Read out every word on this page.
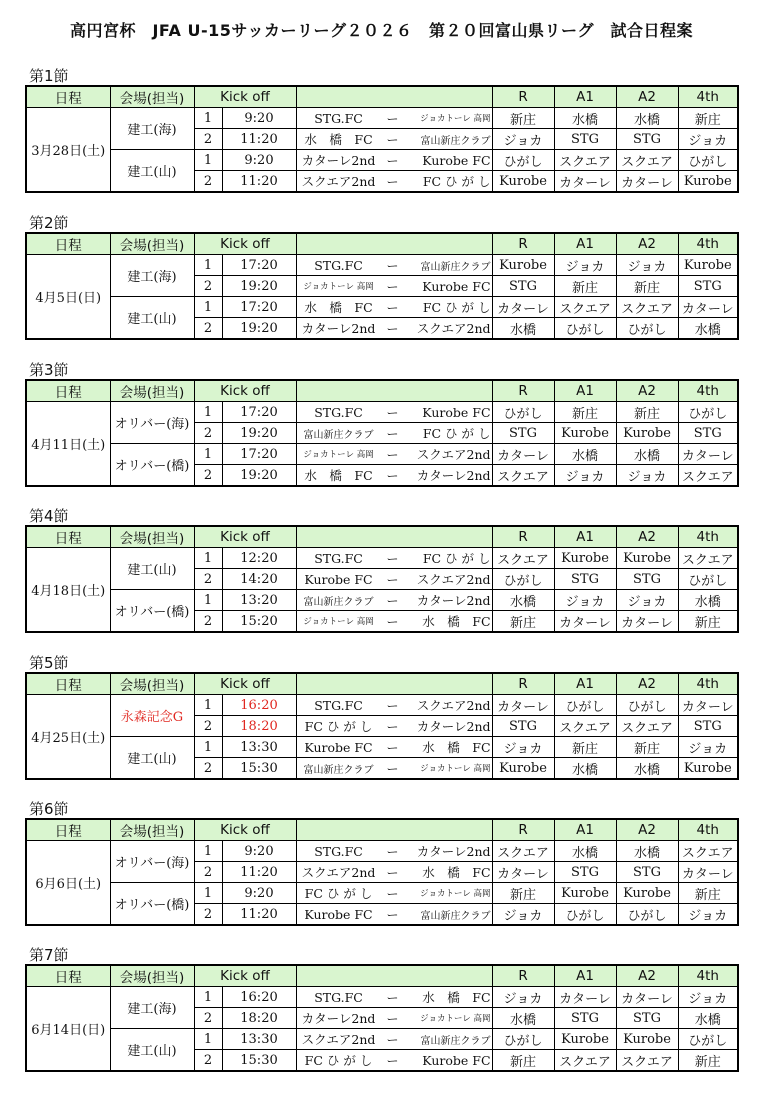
高円宮杯　JFA U-15サッカーリーグ２０２６　第２０回富山県リーグ　試合日程案
第1節
日程	会場(担当)	Kick off			R	A1	A2	4th
3月28日(土)	建工(海)	1	9:20	STG.FC ー ジョカトーレ 高岡	新庄	水橋	水橋	新庄
		2	11:20	水　橋　FC ー 富山新庄クラブ	ジョカ	STG	STG	ジョカ
	建工(山)	1	9:20	カターレ2nd ー Kurobe FC	ひがし	スクエア	スクエア	ひがし
		2	11:20	スクエア2nd ー FC ひ が し	Kurobe	カターレ	カターレ	Kurobe
第2節
日程	会場(担当)	Kick off			R	A1	A2	4th
4月5日(日)	建工(海)	1	17:20	STG.FC ー 富山新庄クラブ	Kurobe	ジョカ	ジョカ	Kurobe
		2	19:20	ジョカトーレ 高岡 ー Kurobe FC	STG	新庄	新庄	STG
	建工(山)	1	17:20	水　橋　FC ー FC ひ が し	カターレ	スクエア	スクエア	カターレ
		2	19:20	カターレ2nd ー スクエア2nd	水橋	ひがし	ひがし	水橋
第3節
日程	会場(担当)	Kick off			R	A1	A2	4th
4月11日(土)	オリバー(海)	1	17:20	STG.FC ー Kurobe FC	ひがし	新庄	新庄	ひがし
		2	19:20	富山新庄クラブ ー FC ひ が し	STG	Kurobe	Kurobe	STG
	オリバー(橋)	1	17:20	ジョカトーレ 高岡 ー スクエア2nd	カターレ	水橋	水橋	カターレ
		2	19:20	水　橋　FC ー カターレ2nd	スクエア	ジョカ	ジョカ	スクエア
第4節
日程	会場(担当)	Kick off			R	A1	A2	4th
4月18日(土)	建工(山)	1	12:20	STG.FC ー FC ひ が し	スクエア	Kurobe	Kurobe	スクエア
		2	14:20	Kurobe FC ー スクエア2nd	ひがし	STG	STG	ひがし
	オリバー(橋)	1	13:20	富山新庄クラブ ー カターレ2nd	水橋	ジョカ	ジョカ	水橋
		2	15:20	ジョカトーレ 高岡 ー 水　橋　FC	新庄	カターレ	カターレ	新庄
第5節
日程	会場(担当)	Kick off			R	A1	A2	4th
4月25日(土)	永森記念G	1	16:20	STG.FC ー スクエア2nd	カターレ	ひがし	ひがし	カターレ
		2	18:20	FC ひ が し ー カターレ2nd	STG	スクエア	スクエア	STG
	建工(山)	1	13:30	Kurobe FC ー 水　橋　FC	ジョカ	新庄	新庄	ジョカ
		2	15:30	富山新庄クラブ ー ジョカトーレ 高岡	Kurobe	水橋	水橋	Kurobe
第6節
日程	会場(担当)	Kick off			R	A1	A2	4th
6月6日(土)	オリバー(海)	1	9:20	STG.FC ー カターレ2nd	スクエア	水橋	水橋	スクエア
		2	11:20	スクエア2nd ー 水　橋　FC	カターレ	STG	STG	カターレ
	オリバー(橋)	1	9:20	FC ひ が し ー ジョカトーレ 高岡	新庄	Kurobe	Kurobe	新庄
		2	11:20	Kurobe FC ー 富山新庄クラブ	ジョカ	ひがし	ひがし	ジョカ
第7節
日程	会場(担当)	Kick off			R	A1	A2	4th
6月14日(日)	建工(海)	1	16:20	STG.FC ー 水　橋　FC	ジョカ	カターレ	カターレ	ジョカ
		2	18:20	カターレ2nd ー ジョカトーレ 高岡	水橋	STG	STG	水橋
	建工(山)	1	13:30	スクエア2nd ー 富山新庄クラブ	ひがし	Kurobe	Kurobe	ひがし
		2	15:30	FC ひ が し ー Kurobe FC	新庄	スクエア	スクエア	新庄
